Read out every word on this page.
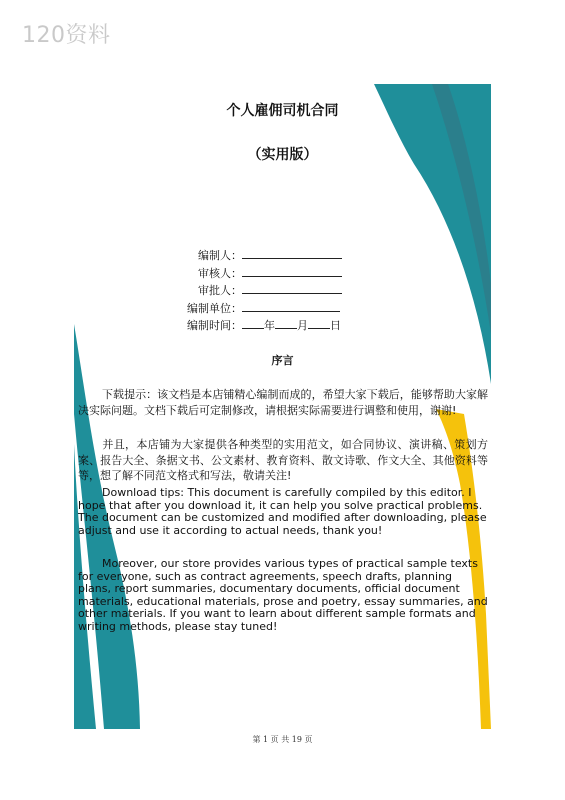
120资料
个人雇佣司机合同
（实用版）
编制人：
审核人：
审批人：
编制单位：
编制时间： 年 月 日
序言
下载提示：该文档是本店铺精心编制而成的，希望大家下载后，能够帮助大家解决实际问题。文档下载后可定制修改，请根据实际需要进行调整和使用，谢谢!
并且，本店铺为大家提供各种类型的实用范文，如合同协议、演讲稿、策划方案、报告大全、条据文书、公文素材、教育资料、散文诗歌、作文大全、其他资料等等，想了解不同范文格式和写法，敬请关注!
Download tips: This document is carefully compiled by this editor. I hope that after you download it, it can help you solve practical problems. The document can be customized and modified after downloading, please adjust and use it according to actual needs, thank you!
Moreover, our store provides various types of practical sample texts for everyone, such as contract agreements, speech drafts, planning plans, report summaries, documentary documents, official document materials, educational materials, prose and poetry, essay summaries, and other materials. If you want to learn about different sample formats and writing methods, please stay tuned!
第 1 页 共 19 页
